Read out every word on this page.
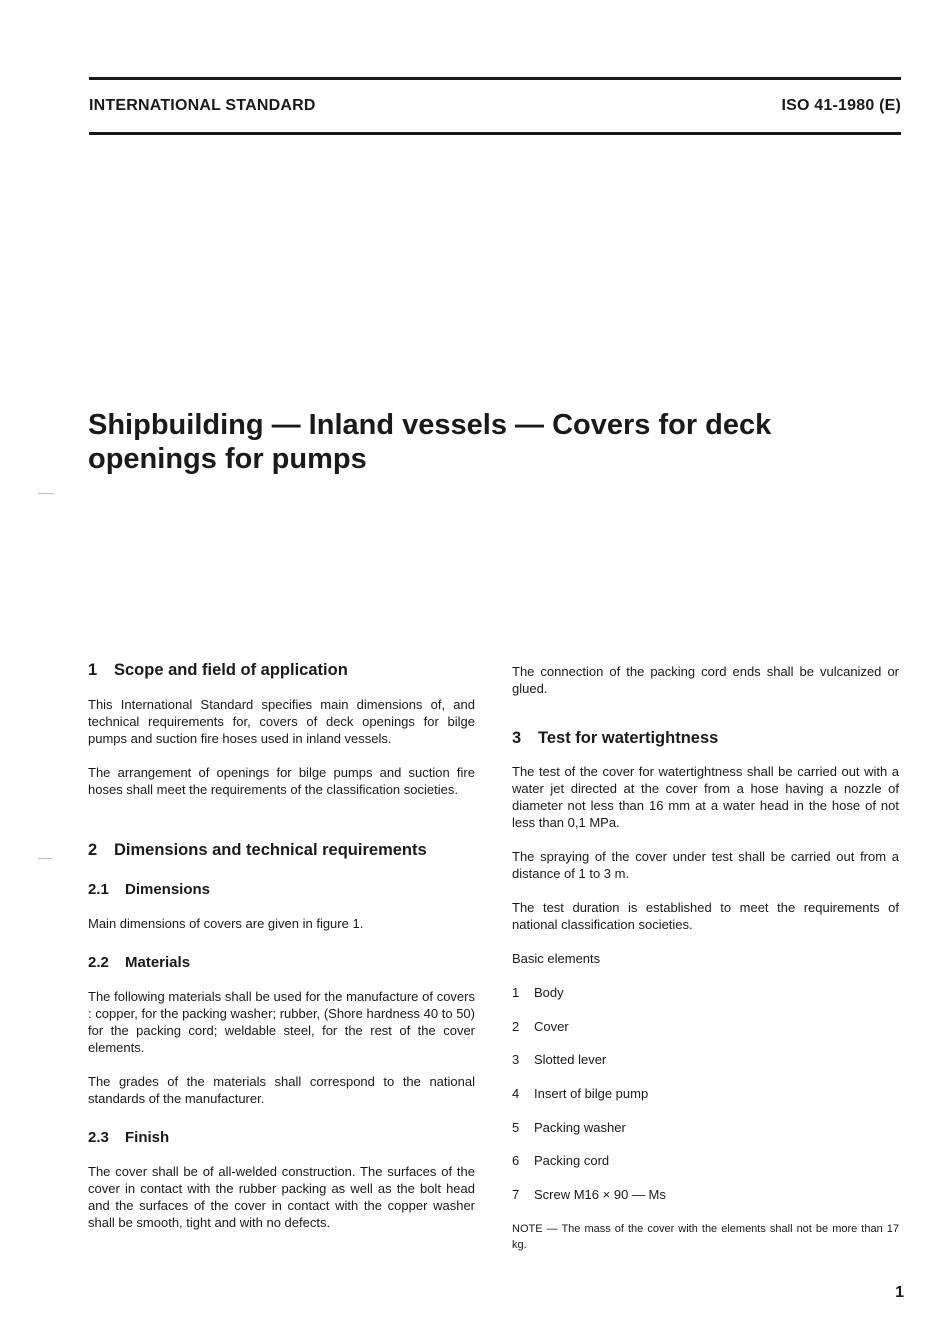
INTERNATIONAL STANDARD	ISO 41-1980 (E)
Shipbuilding — Inland vessels — Covers for deck openings for pumps
1 Scope and field of application

This International Standard specifies main dimensions of, and technical requirements for, covers of deck openings for bilge pumps and suction fire hoses used in inland vessels.

The arrangement of openings for bilge pumps and suction fire hoses shall meet the requirements of the classification societies.

2 Dimensions and technical requirements
2.1 Dimensions

Main dimensions of covers are given in figure 1.

2.2 Materials

The following materials shall be used for the manufacture of covers : copper, for the packing washer; rubber, (Shore hardness 40 to 50) for the packing cord; weldable steel, for the rest of the cover elements.

The grades of the materials shall correspond to the national standards of the manufacturer.

2.3 Finish

The cover shall be of all-welded construction. The surfaces of the cover in contact with the rubber packing as well as the bolt head and the surfaces of the cover in contact with the copper washer shall be smooth, tight and with no defects.

The connection of the packing cord ends shall be vulcanized or glued.

3 Test for watertightness

The test of the cover for watertightness shall be carried out with a water jet directed at the cover from a hose having a nozzle of diameter not less than 16 mm at a water head in the hose of not less than 0,1 MPa.

The spraying of the cover under test shall be carried out from a distance of 1 to 3 m.

The test duration is established to meet the requirements of national classification societies.

Basic elements

1 Body
2 Cover
3 Slotted lever
4 Insert of bilge pump
5 Packing washer
6 Packing cord
7 Screw M16 × 90 — Ms

NOTE — The mass of the cover with the elements shall not be more than 17 kg.

1
